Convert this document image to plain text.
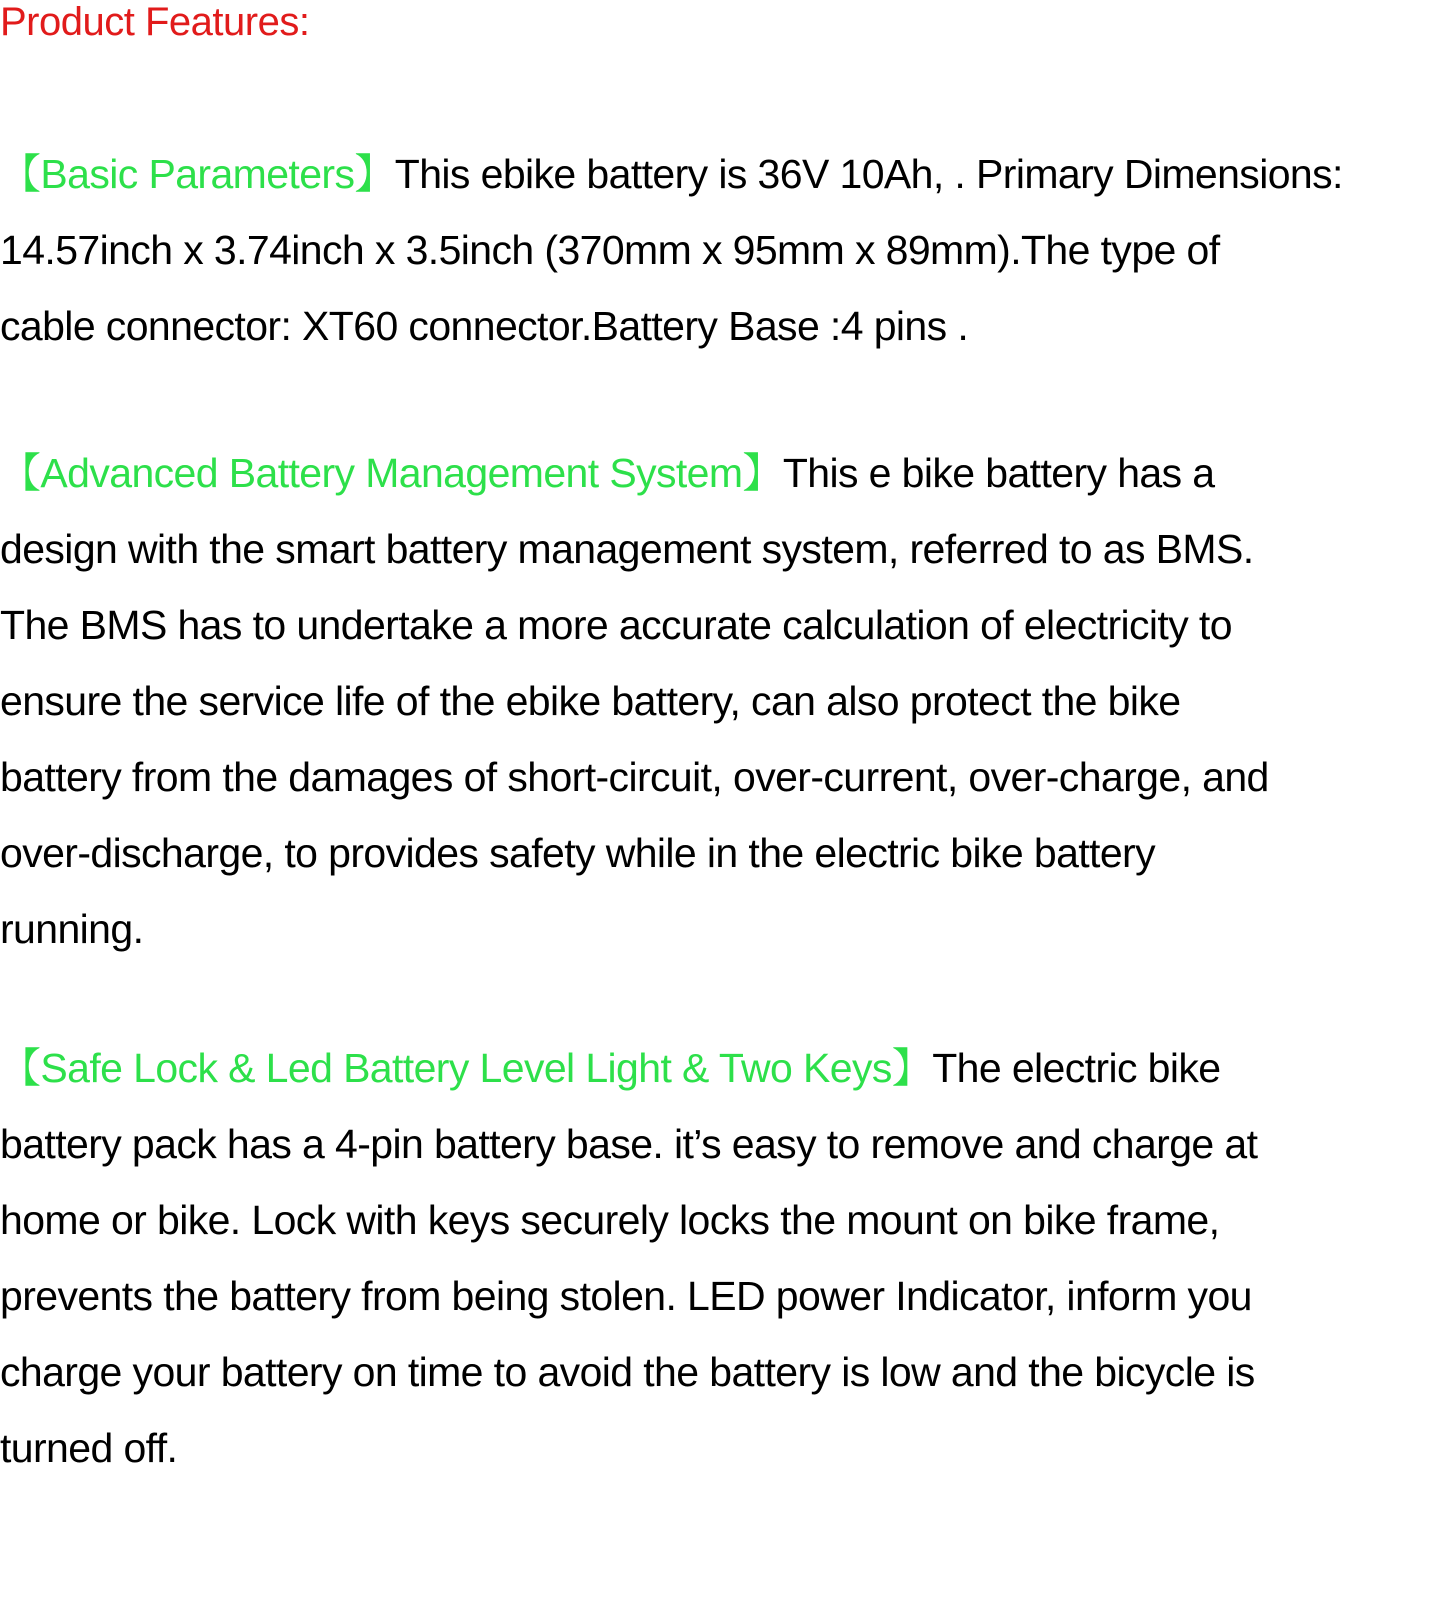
Product Features:
【Basic Parameters】This ebike battery is 36V 10Ah, . Primary Dimensions:
14.57inch x 3.74inch x 3.5inch (370mm x 95mm x 89mm).The type of
cable connector: XT60 connector.Battery Base :4 pins .
【Advanced Battery Management System】This e bike battery has a
design with the smart battery management system, referred to as BMS.
The BMS has to undertake a more accurate calculation of electricity to
ensure the service life of the ebike battery, can also protect the bike
battery from the damages of short-circuit, over-current, over-charge, and
over-discharge, to provides safety while in the electric bike battery
running.
【Safe Lock & Led Battery Level Light & Two Keys】The electric bike
battery pack has a 4-pin battery base. it’s easy to remove and charge at
home or bike. Lock with keys securely locks the mount on bike frame,
prevents the battery from being stolen. LED power Indicator, inform you
charge your battery on time to avoid the battery is low and the bicycle is
turned off.
